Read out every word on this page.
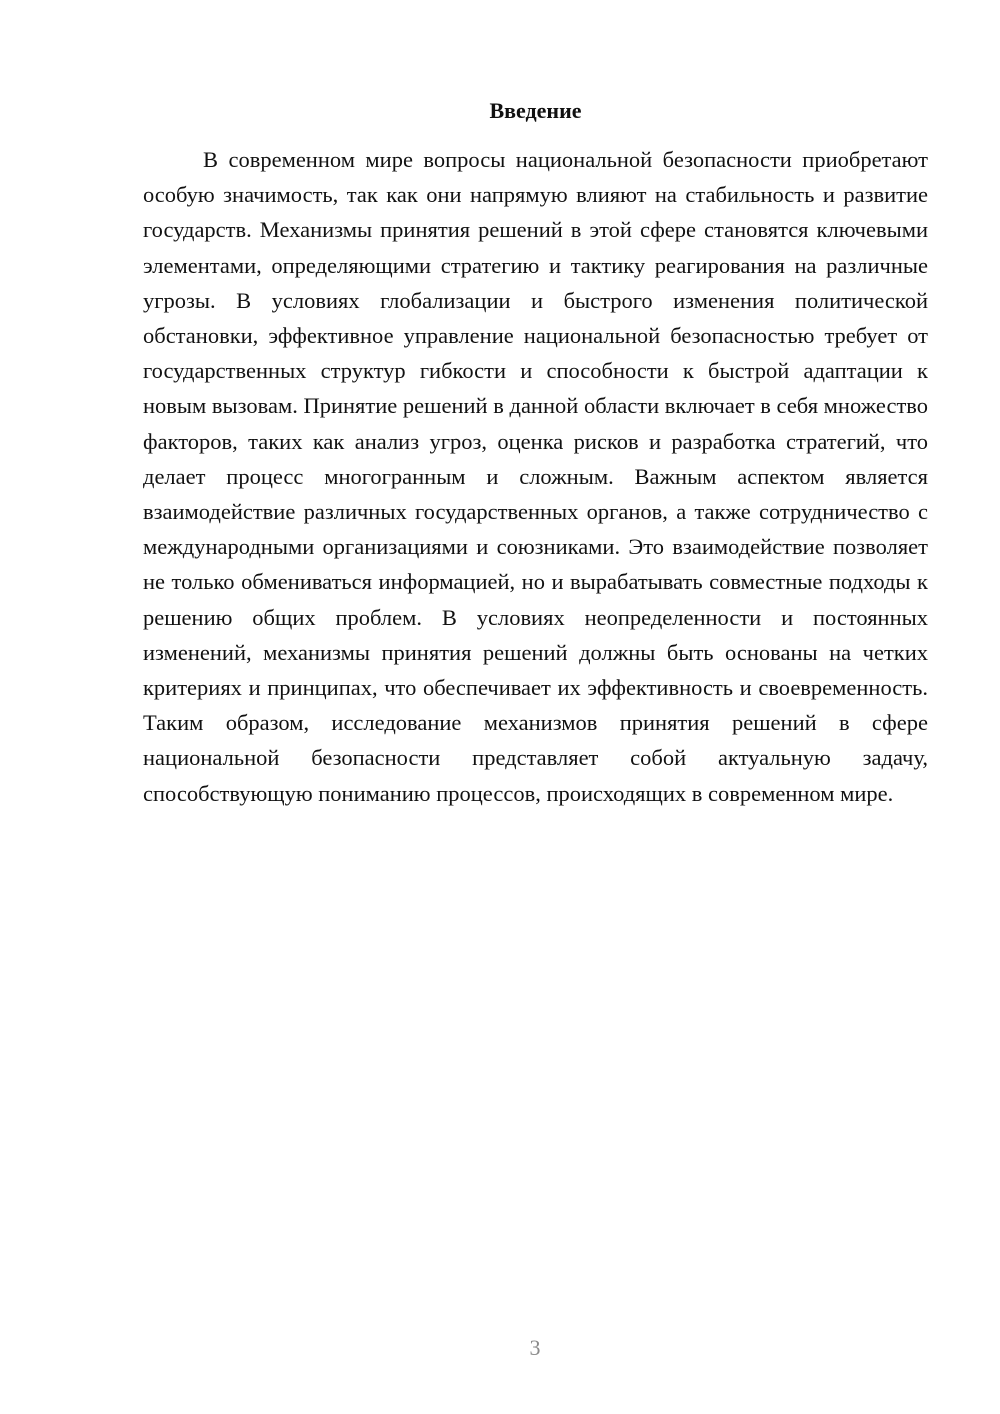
Введение

В современном мире вопросы национальной безопасности приобретают особую значимость, так как они напрямую влияют на стабильность и развитие государств. Механизмы принятия решений в этой сфере становятся ключевыми элементами, определяющими стратегию и тактику реагирования на различные угрозы. В условиях глобализации и быстрого изменения политической обстановки, эффективное управление национальной безопасностью требует от государственных структур гибкости и способности к быстрой адаптации к новым вызовам. Принятие решений в данной области включает в себя множество факторов, таких как анализ угроз, оценка рисков и разработка стратегий, что делает процесс многогранным и сложным. Важным аспектом является взаимодействие различных государственных органов, а также сотрудничество с международными организациями и союзниками. Это взаимодействие позволяет не только обмениваться информацией, но и вырабатывать совместные подходы к решению общих проблем. В условиях неопределенности и постоянных изменений, механизмы принятия решений должны быть основаны на четких критериях и принципах, что обеспечивает их эффективность и своевременность. Таким образом, исследование механизмов принятия решений в сфере национальной безопасности представляет собой актуальную задачу, способствующую пониманию процессов, происходящих в современном мире.

3
